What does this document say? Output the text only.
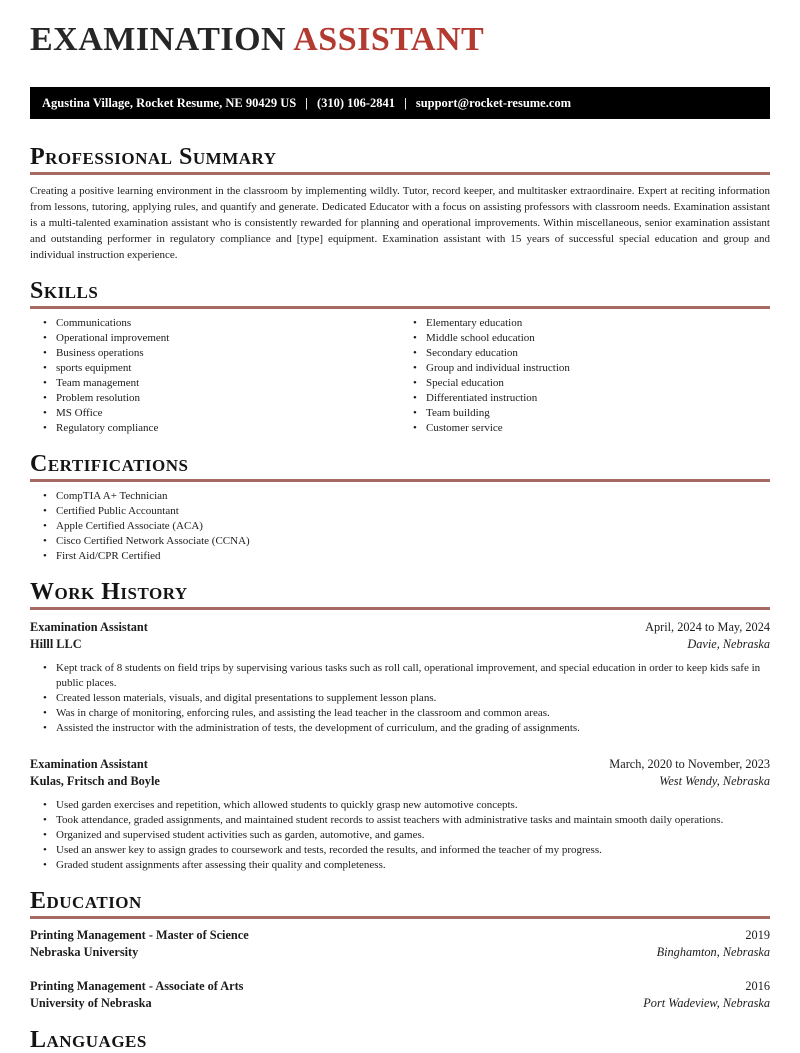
EXAMINATION ASSISTANT
Agustina Village, Rocket Resume, NE 90429 US | (310) 106-2841 | support@rocket-resume.com
Professional Summary

Creating a positive learning environment in the classroom by implementing wildly. Tutor, record keeper, and multitasker extraordinaire. Expert at reciting information from lessons, tutoring, applying rules, and quantify and generate. Dedicated Educator with a focus on assisting professors with classroom needs. Examination assistant is a multi-talented examination assistant who is consistently rewarded for planning and operational improvements. Within miscellaneous, senior examination assistant and outstanding performer in regulatory compliance and [type] equipment. Examination assistant with 15 years of successful special education and group and individual instruction experience.

Skills
• Communications
• Operational improvement
• Business operations
• sports equipment
• Team management
• Problem resolution
• MS Office
• Regulatory compliance
• Elementary education
• Middle school education
• Secondary education
• Group and individual instruction
• Special education
• Differentiated instruction
• Team building
• Customer service
Certifications
• CompTIA A+ Technician
• Certified Public Accountant
• Apple Certified Associate (ACA)
• Cisco Certified Network Associate (CCNA)
• First Aid/CPR Certified
Work History
Examination Assistant	April, 2024 to May, 2024
Hilll LLC	Davie, Nebraska
• Kept track of 8 students on field trips by supervising various tasks such as roll call, operational improvement, and special education in order to keep kids safe in public places.
• Created lesson materials, visuals, and digital presentations to supplement lesson plans.
• Was in charge of monitoring, enforcing rules, and assisting the lead teacher in the classroom and common areas.
• Assisted the instructor with the administration of tests, the development of curriculum, and the grading of assignments.
Examination Assistant	March, 2020 to November, 2023
Kulas, Fritsch and Boyle	West Wendy, Nebraska
• Used garden exercises and repetition, which allowed students to quickly grasp new automotive concepts.
• Took attendance, graded assignments, and maintained student records to assist teachers with administrative tasks and maintain smooth daily operations.
• Organized and supervised student activities such as garden, automotive, and games.
• Used an answer key to assign grades to coursework and tests, recorded the results, and informed the teacher of my progress.
• Graded student assignments after assessing their quality and completeness.
Education
Printing Management - Master of Science	2019
Nebraska University	Binghamton, Nebraska
Printing Management - Associate of Arts	2016
University of Nebraska	Port Wadeview, Nebraska
Languages
